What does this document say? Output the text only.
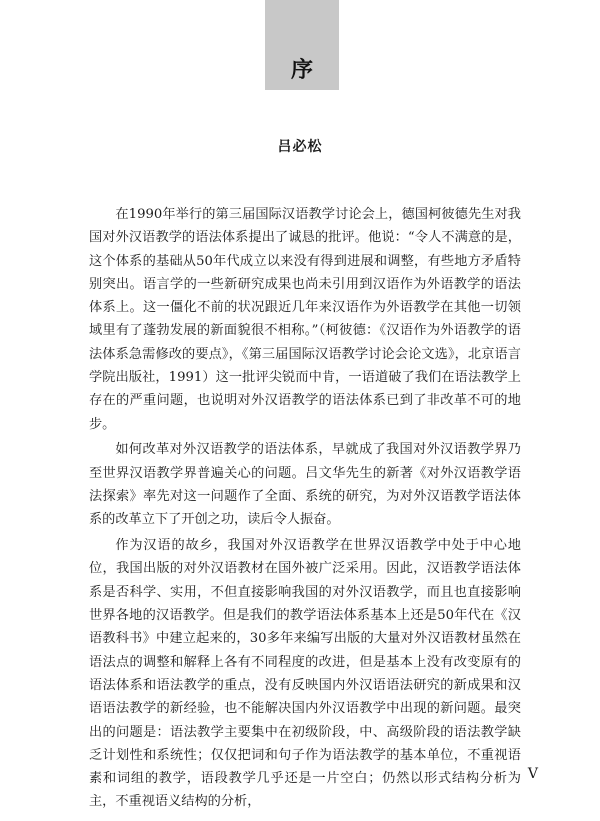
序
吕必松

在1990年举行的第三届国际汉语教学讨论会上，德国柯彼德先生对我国对外汉语教学的语法体系提出了诚恳的批评。他说：“令人不满意的是，这个体系的基础从50年代成立以来没有得到进展和调整，有些地方矛盾特别突出。语言学的一些新研究成果也尚未引用到汉语作为外语教学的语法体系上。这一僵化不前的状况跟近几年来汉语作为外语教学在其他一切领域里有了蓬勃发展的新面貌很不相称。”（柯彼德：《汉语作为外语教学的语法体系急需修改的要点》，《第三届国际汉语教学讨论会论文选》，北京语言学院出版社，1991）这一批评尖锐而中肯，一语道破了我们在语法教学上存在的严重问题，也说明对外汉语教学的语法体系已到了非改革不可的地步。

如何改革对外汉语教学的语法体系，早就成了我国对外汉语教学界乃至世界汉语教学界普遍关心的问题。吕文华先生的新著《对外汉语教学语法探索》率先对这一问题作了全面、系统的研究，为对外汉语教学语法体系的改革立下了开创之功，读后令人振奋。

作为汉语的故乡，我国对外汉语教学在世界汉语教学中处于中心地位，我国出版的对外汉语教材在国外被广泛采用。因此，汉语教学语法体系是否科学、实用，不但直接影响我国的对外汉语教学，而且也直接影响世界各地的汉语教学。但是我们的教学语法体系基本上还是50年代在《汉语教科书》中建立起来的，30多年来编写出版的大量对外汉语教材虽然在语法点的调整和解释上各有不同程度的改进，但是基本上没有改变原有的语法体系和语法教学的重点，没有反映国内外汉语语法研究的新成果和汉语语法教学的新经验，也不能解决国内外汉语教学中出现的新问题。最突出的问题是：语法教学主要集中在初级阶段，中、高级阶段的语法教学缺乏计划性和系统性；仅仅把词和句子作为语法教学的基本单位，不重视语素和词组的教学，语段教学几乎还是一片空白；仍然以形式结构分析为主，不重视语义结构的分析，

V
